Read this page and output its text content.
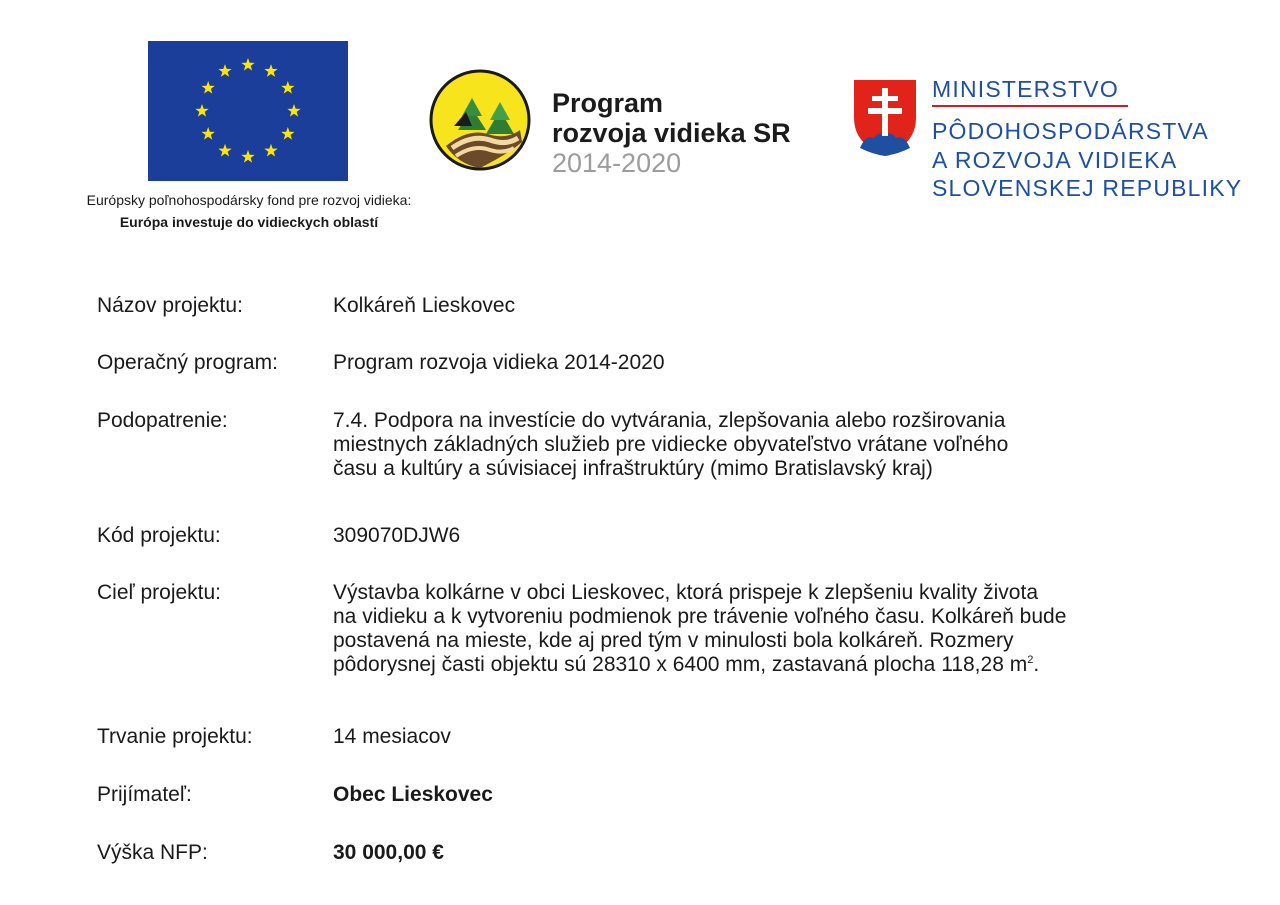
Európsky poľnohospodársky fond pre rozvoj vidieka:
Európa investuje do vidieckych oblastí
Program
rozvoja vidieka SR
2014-2020
MINISTERSTVO
PÔDOHOSPODÁRSTVA
A ROZVOJA VIDIEKA
SLOVENSKEJ REPUBLIKY
Názov projektu:	Kolkáreň Lieskovec
Operačný program:	Program rozvoja vidieka 2014-2020
Podopatrenie:	7.4. Podpora na investície do vytvárania, zlepšovania alebo rozširovania
miestnych základných služieb pre vidiecke obyvateľstvo vrátane voľného
času a kultúry a súvisiacej infraštruktúry (mimo Bratislavský kraj)
Kód projektu:	309070DJW6
Cieľ projektu:	Výstavba kolkárne v obci Lieskovec, ktorá prispeje k zlepšeniu kvality života
na vidieku a k vytvoreniu podmienok pre trávenie voľného času. Kolkáreň bude
postavená na mieste, kde aj pred tým v minulosti bola kolkáreň. Rozmery
pôdorysnej časti objektu sú 28310 x 6400 mm, zastavaná plocha 118,28 $m^2$.
Trvanie projektu:	14 mesiacov
Prijímateľ:	Obec Lieskovec
Výška NFP:	30 000,00 €
